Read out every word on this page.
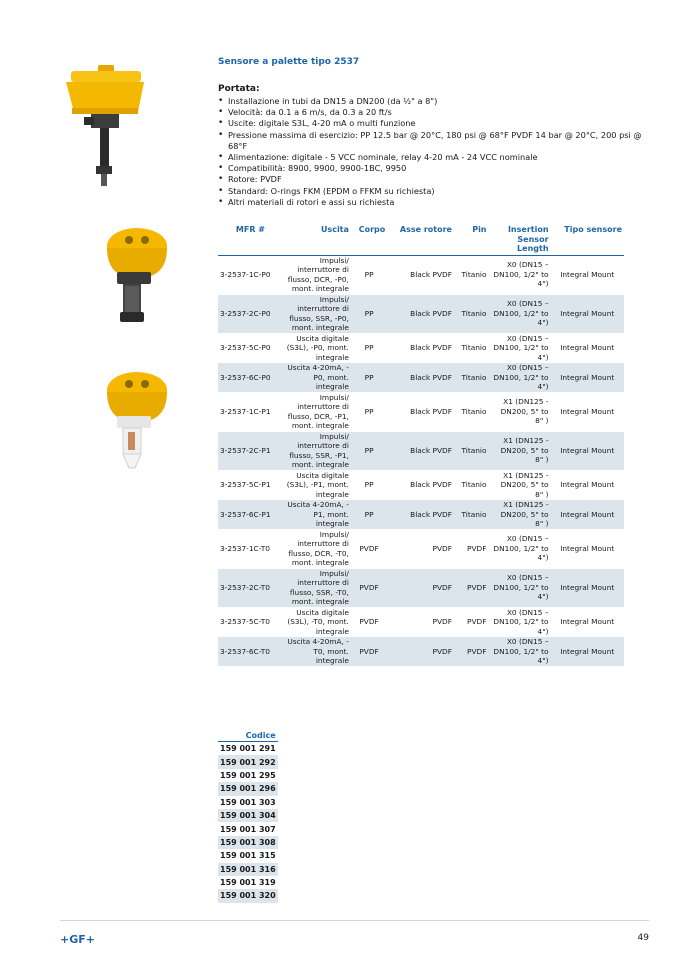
Sensore a palette tipo 2537
Portata:
• Installazione in tubi da DN15 a DN200 (da ½" a 8")
• Velocità: da 0.1 a 6 m/s, da 0.3 a 20 ft/s
• Uscite: digitale S3L, 4-20 mA o multi funzione
• Pressione massima di esercizio: PP 12.5 bar @ 20°C, 180 psi @ 68°F PVDF 14 bar @ 20°C, 200 psi @ 68°F
• Alimentazione: digitale - 5 VCC nominale, relay 4-20 mA - 24 VCC nominale
• Compatibilità: 8900, 9900, 9900-1BC, 9950
• Rotore: PVDF
• Standard: O-rings FKM (EPDM o FFKM su richiesta)
• Altri materiali di rotori e assi su richiesta
MFR #	Uscita	Corpo	Asse rotore	Pin	Insertion Sensor Length	Tipo sensore
3-2537-1C-P0	Impulsi/ interruttore di flusso, DCR, -P0, mont. integrale	PP	Black PVDF	Titanio	X0 (DN15 – DN100, 1/2" to 4")	Integral Mount
3-2537-2C-P0	Impulsi/ interruttore di flusso, SSR, -P0, mont. integrale	PP	Black PVDF	Titanio	X0 (DN15 – DN100, 1/2" to 4")	Integral Mount
3-2537-5C-P0	Uscita digitale (S3L), -P0, mont. integrale	PP	Black PVDF	Titanio	X0 (DN15 – DN100, 1/2" to 4")	Integral Mount
3-2537-6C-P0	Uscita 4-20mA, -P0, mont. integrale	PP	Black PVDF	Titanio	X0 (DN15 – DN100, 1/2" to 4")	Integral Mount
3-2537-1C-P1	Impulsi/ interruttore di flusso, DCR, -P1, mont. integrale	PP	Black PVDF	Titanio	X1 (DN125 - DN200, 5" to 8" )	Integral Mount
3-2537-2C-P1	Impulsi/ interruttore di flusso, SSR, -P1, mont. integrale	PP	Black PVDF	Titanio	X1 (DN125 - DN200, 5" to 8" )	Integral Mount
3-2537-5C-P1	Uscita digitale (S3L), -P1, mont. integrale	PP	Black PVDF	Titanio	X1 (DN125 - DN200, 5" to 8" )	Integral Mount
3-2537-6C-P1	Uscita 4-20mA, -P1, mont. integrale	PP	Black PVDF	Titanio	X1 (DN125 - DN200, 5" to 8" )	Integral Mount
3-2537-1C-T0	Impulsi/ interruttore di flusso, DCR, -T0, mont. integrale	PVDF	PVDF	PVDF	X0 (DN15 – DN100, 1/2" to 4")	Integral Mount
3-2537-2C-T0	Impulsi/ interruttore di flusso, SSR, -T0, mont. integrale	PVDF	PVDF	PVDF	X0 (DN15 – DN100, 1/2" to 4")	Integral Mount
3-2537-5C-T0	Uscita digitale (S3L), -T0, mont. integrale	PVDF	PVDF	PVDF	X0 (DN15 – DN100, 1/2" to 4")	Integral Mount
3-2537-6C-T0	Uscita 4-20mA, -T0, mont. integrale	PVDF	PVDF	PVDF	X0 (DN15 – DN100, 1/2" to 4")	Integral Mount
Codice
159 001 291
159 001 292
159 001 295
159 001 296
159 001 303
159 001 304
159 001 307
159 001 308
159 001 315
159 001 316
159 001 319
159 001 320
+GF+	49
